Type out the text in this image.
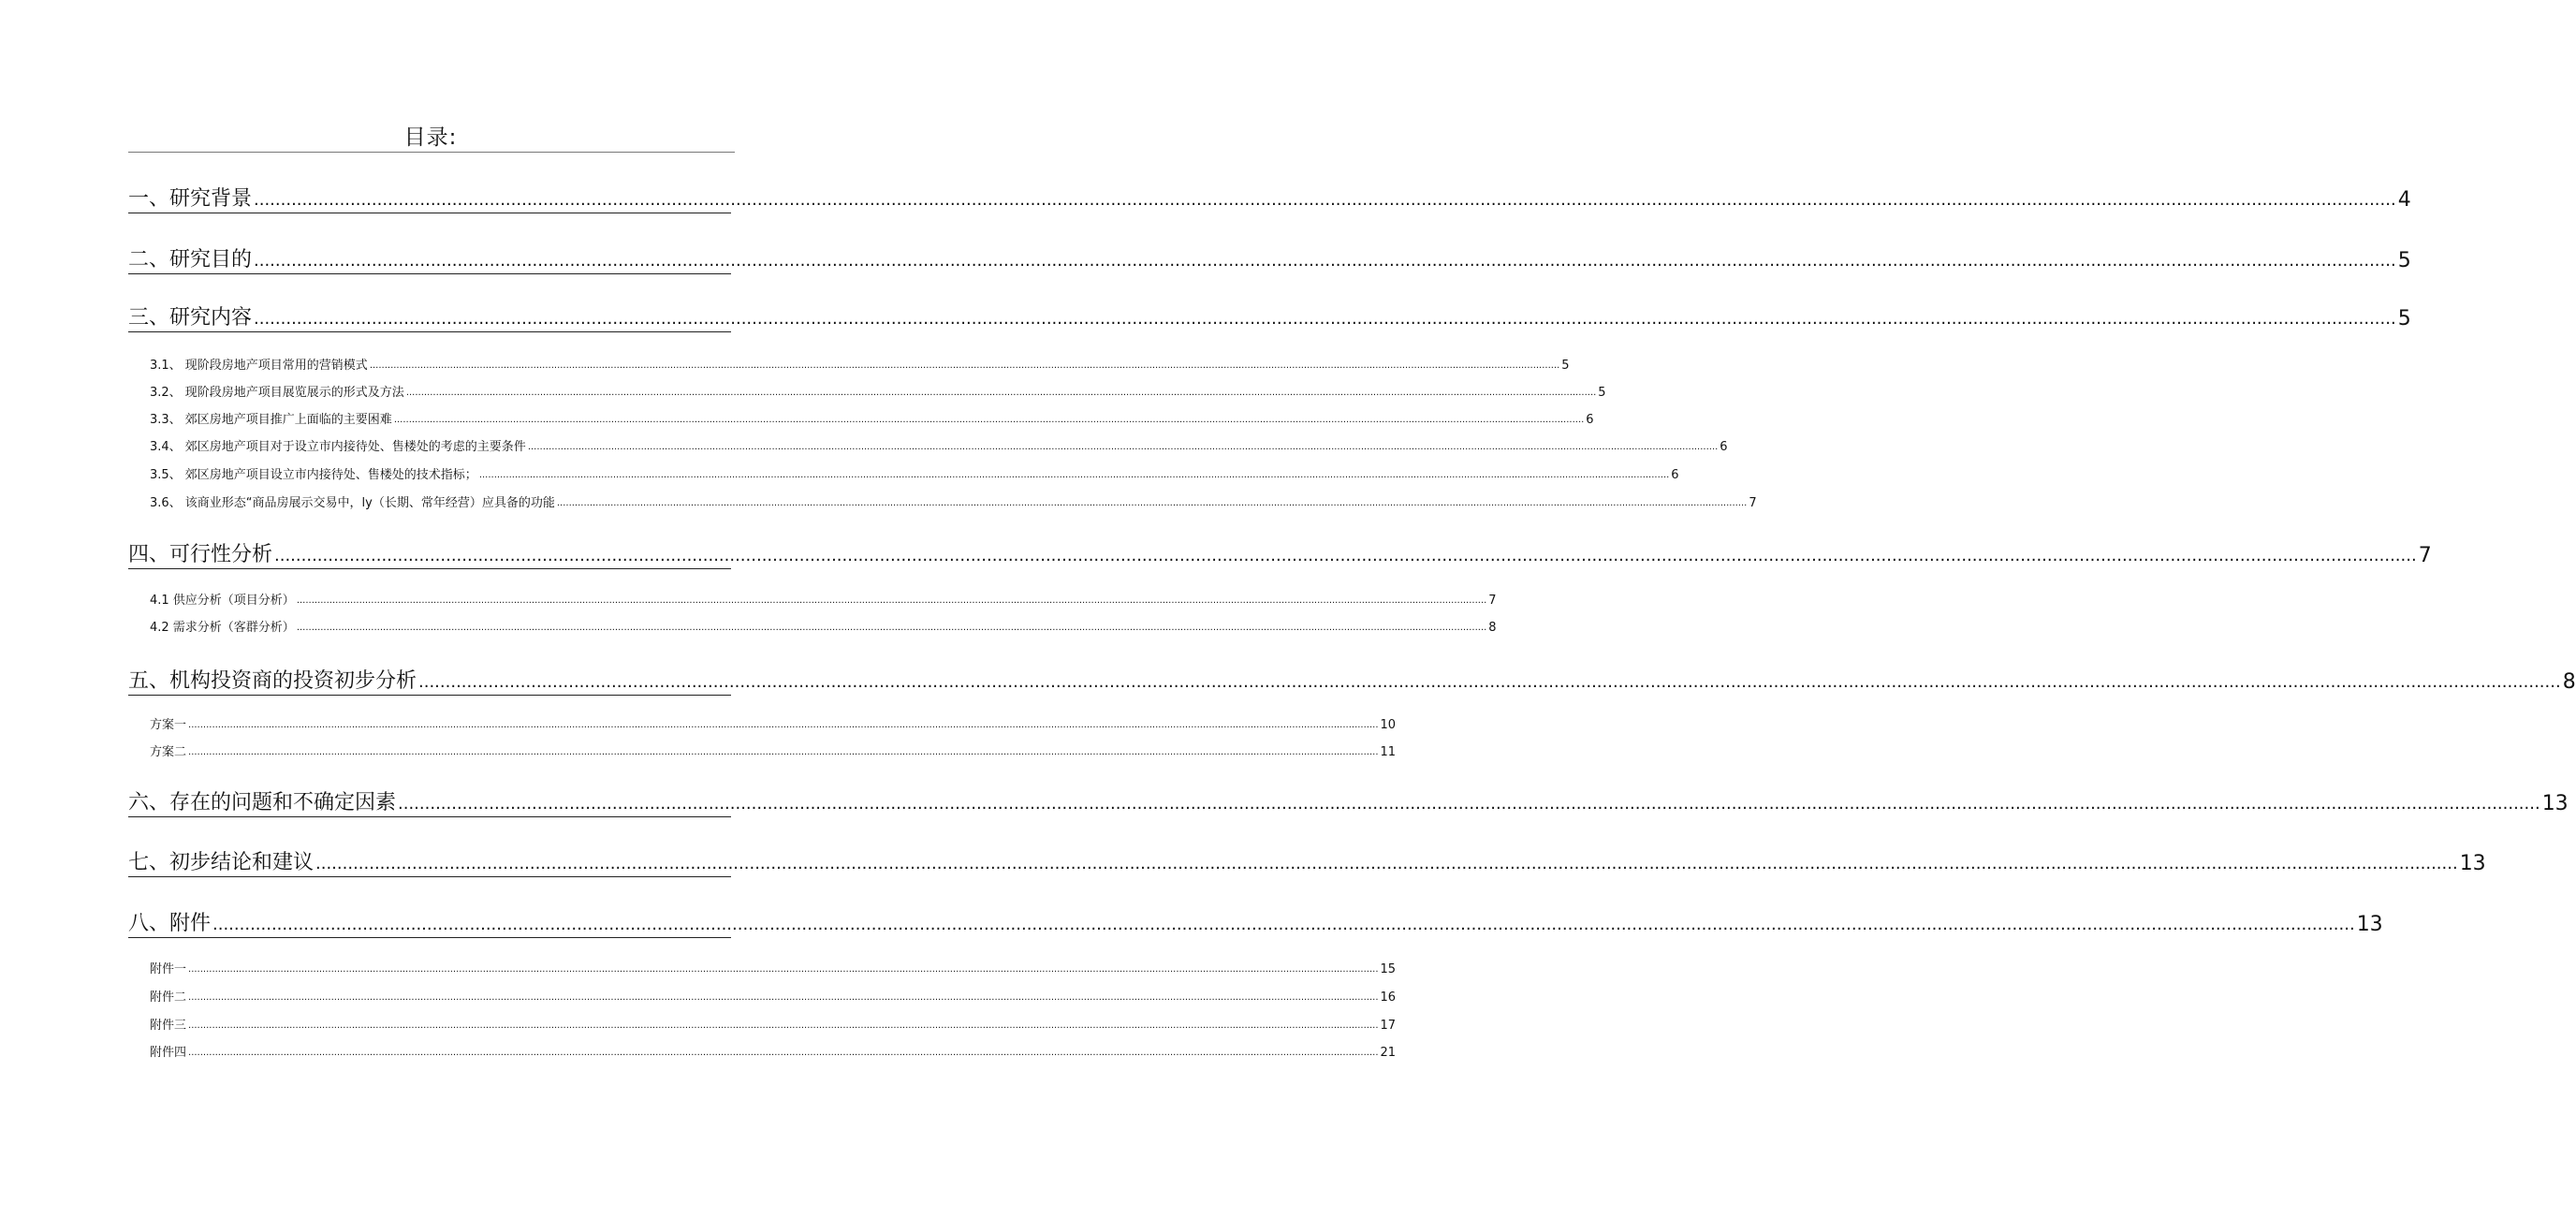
目录:
一、研究背景 ................................................................................................................................................................................................................................................................................................................................................................................................................ 4
二、研究目的 ................................................................................................................................................................................................................................................................................................................................................................................................................ 5
三、研究内容 ................................................................................................................................................................................................................................................................................................................................................................................................................ 5
3.1、 现阶段房地产项目常用的营销模式 ................................................................................................................................................................................................................................................................................................................................................................................................................ 5
3.2、 现阶段房地产项目展览展示的形式及方法 ................................................................................................................................................................................................................................................................................................................................................................................................................ 5
3.3、 郊区房地产项目推广上面临的主要困难 ................................................................................................................................................................................................................................................................................................................................................................................................................ 6
3.4、 郊区房地产项目对于设立市内接待处、售楼处的考虑的主要条件 ................................................................................................................................................................................................................................................................................................................................................................................................................ 6
3.5、 郊区房地产项目设立市内接待处、售楼处的技术指标； ................................................................................................................................................................................................................................................................................................................................................................................................................ 6
3.6、 该商业形态“商品房展示交易中，ly（长期、常年经营）应具备的功能 ................................................................................................................................................................................................................................................................................................................................................................................................................ 7
四、可行性分析 ................................................................................................................................................................................................................................................................................................................................................................................................................ 7
4.1 供应分析（项目分析） ................................................................................................................................................................................................................................................................................................................................................................................................................ 7
4.2 需求分析（客群分析） ................................................................................................................................................................................................................................................................................................................................................................................................................ 8
五、机构投资商的投资初步分析 ................................................................................................................................................................................................................................................................................................................................................................................................................ 8
方案一 ................................................................................................................................................................................................................................................................................................................................................................................................................ 10
方案二 ................................................................................................................................................................................................................................................................................................................................................................................................................ 11
六、存在的问题和不确定因素 ................................................................................................................................................................................................................................................................................................................................................................................................................ 13
七、初步结论和建议 ................................................................................................................................................................................................................................................................................................................................................................................................................ 13
八、附件 ................................................................................................................................................................................................................................................................................................................................................................................................................ 13
附件一 ................................................................................................................................................................................................................................................................................................................................................................................................................ 15
附件二 ................................................................................................................................................................................................................................................................................................................................................................................................................ 16
附件三 ................................................................................................................................................................................................................................................................................................................................................................................................................ 17
附件四 ................................................................................................................................................................................................................................................................................................................................................................................................................ 21
